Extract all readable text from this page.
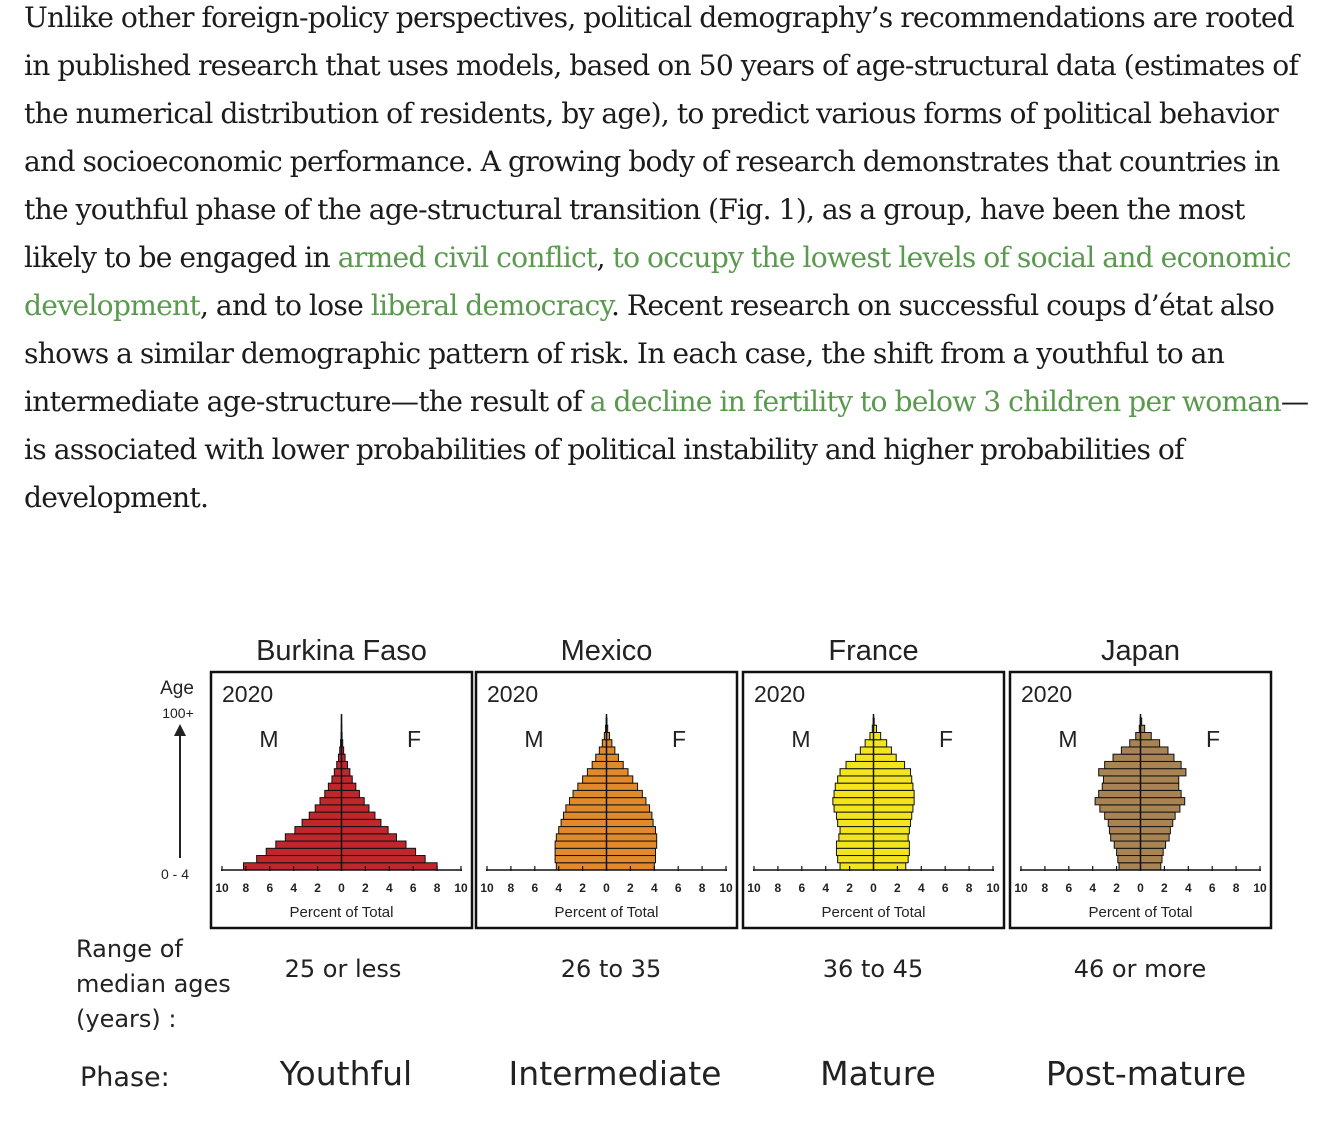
Unlike other foreign-policy perspectives, political demography’s recommendations are rooted in published research that uses models, based on 50 years of age-structural data (estimates of the numerical distribution of residents, by age), to predict various forms of political behavior and socioeconomic performance. A growing body of research demonstrates that countries in the youthful phase of the age-structural transition (Fig. 1), as a group, have been the most likely to be engaged in armed civil conflict, to occupy the lowest levels of social and economic development, and to lose liberal democracy. Recent research on successful coups d’état also shows a similar demographic pattern of risk. In each case, the shift from a youthful to an intermediate age-structure—the result of a decline in fertility to below 3 children per woman—is associated with lower probabilities of political instability and higher probabilities of development.

Age
100+
0 - 4
Burkina Faso
2020
M	F
10 8 6 4 2 0 2 4 6 8 10
Percent of Total
Mexico
2020
M	F
10 8 6 4 2 0 2 4 6 8 10
Percent of Total
France
2020
M	F
10 8 6 4 2 0 2 4 6 8 10
Percent of Total
Japan
2020
M	F
10 8 6 4 2 0 2 4 6 8 10
Percent of Total
Range of
median ages
(years) :
25 or less	26 to 35	36 to 45	46 or more
Phase:	Youthful	Intermediate	Mature	Post-mature
